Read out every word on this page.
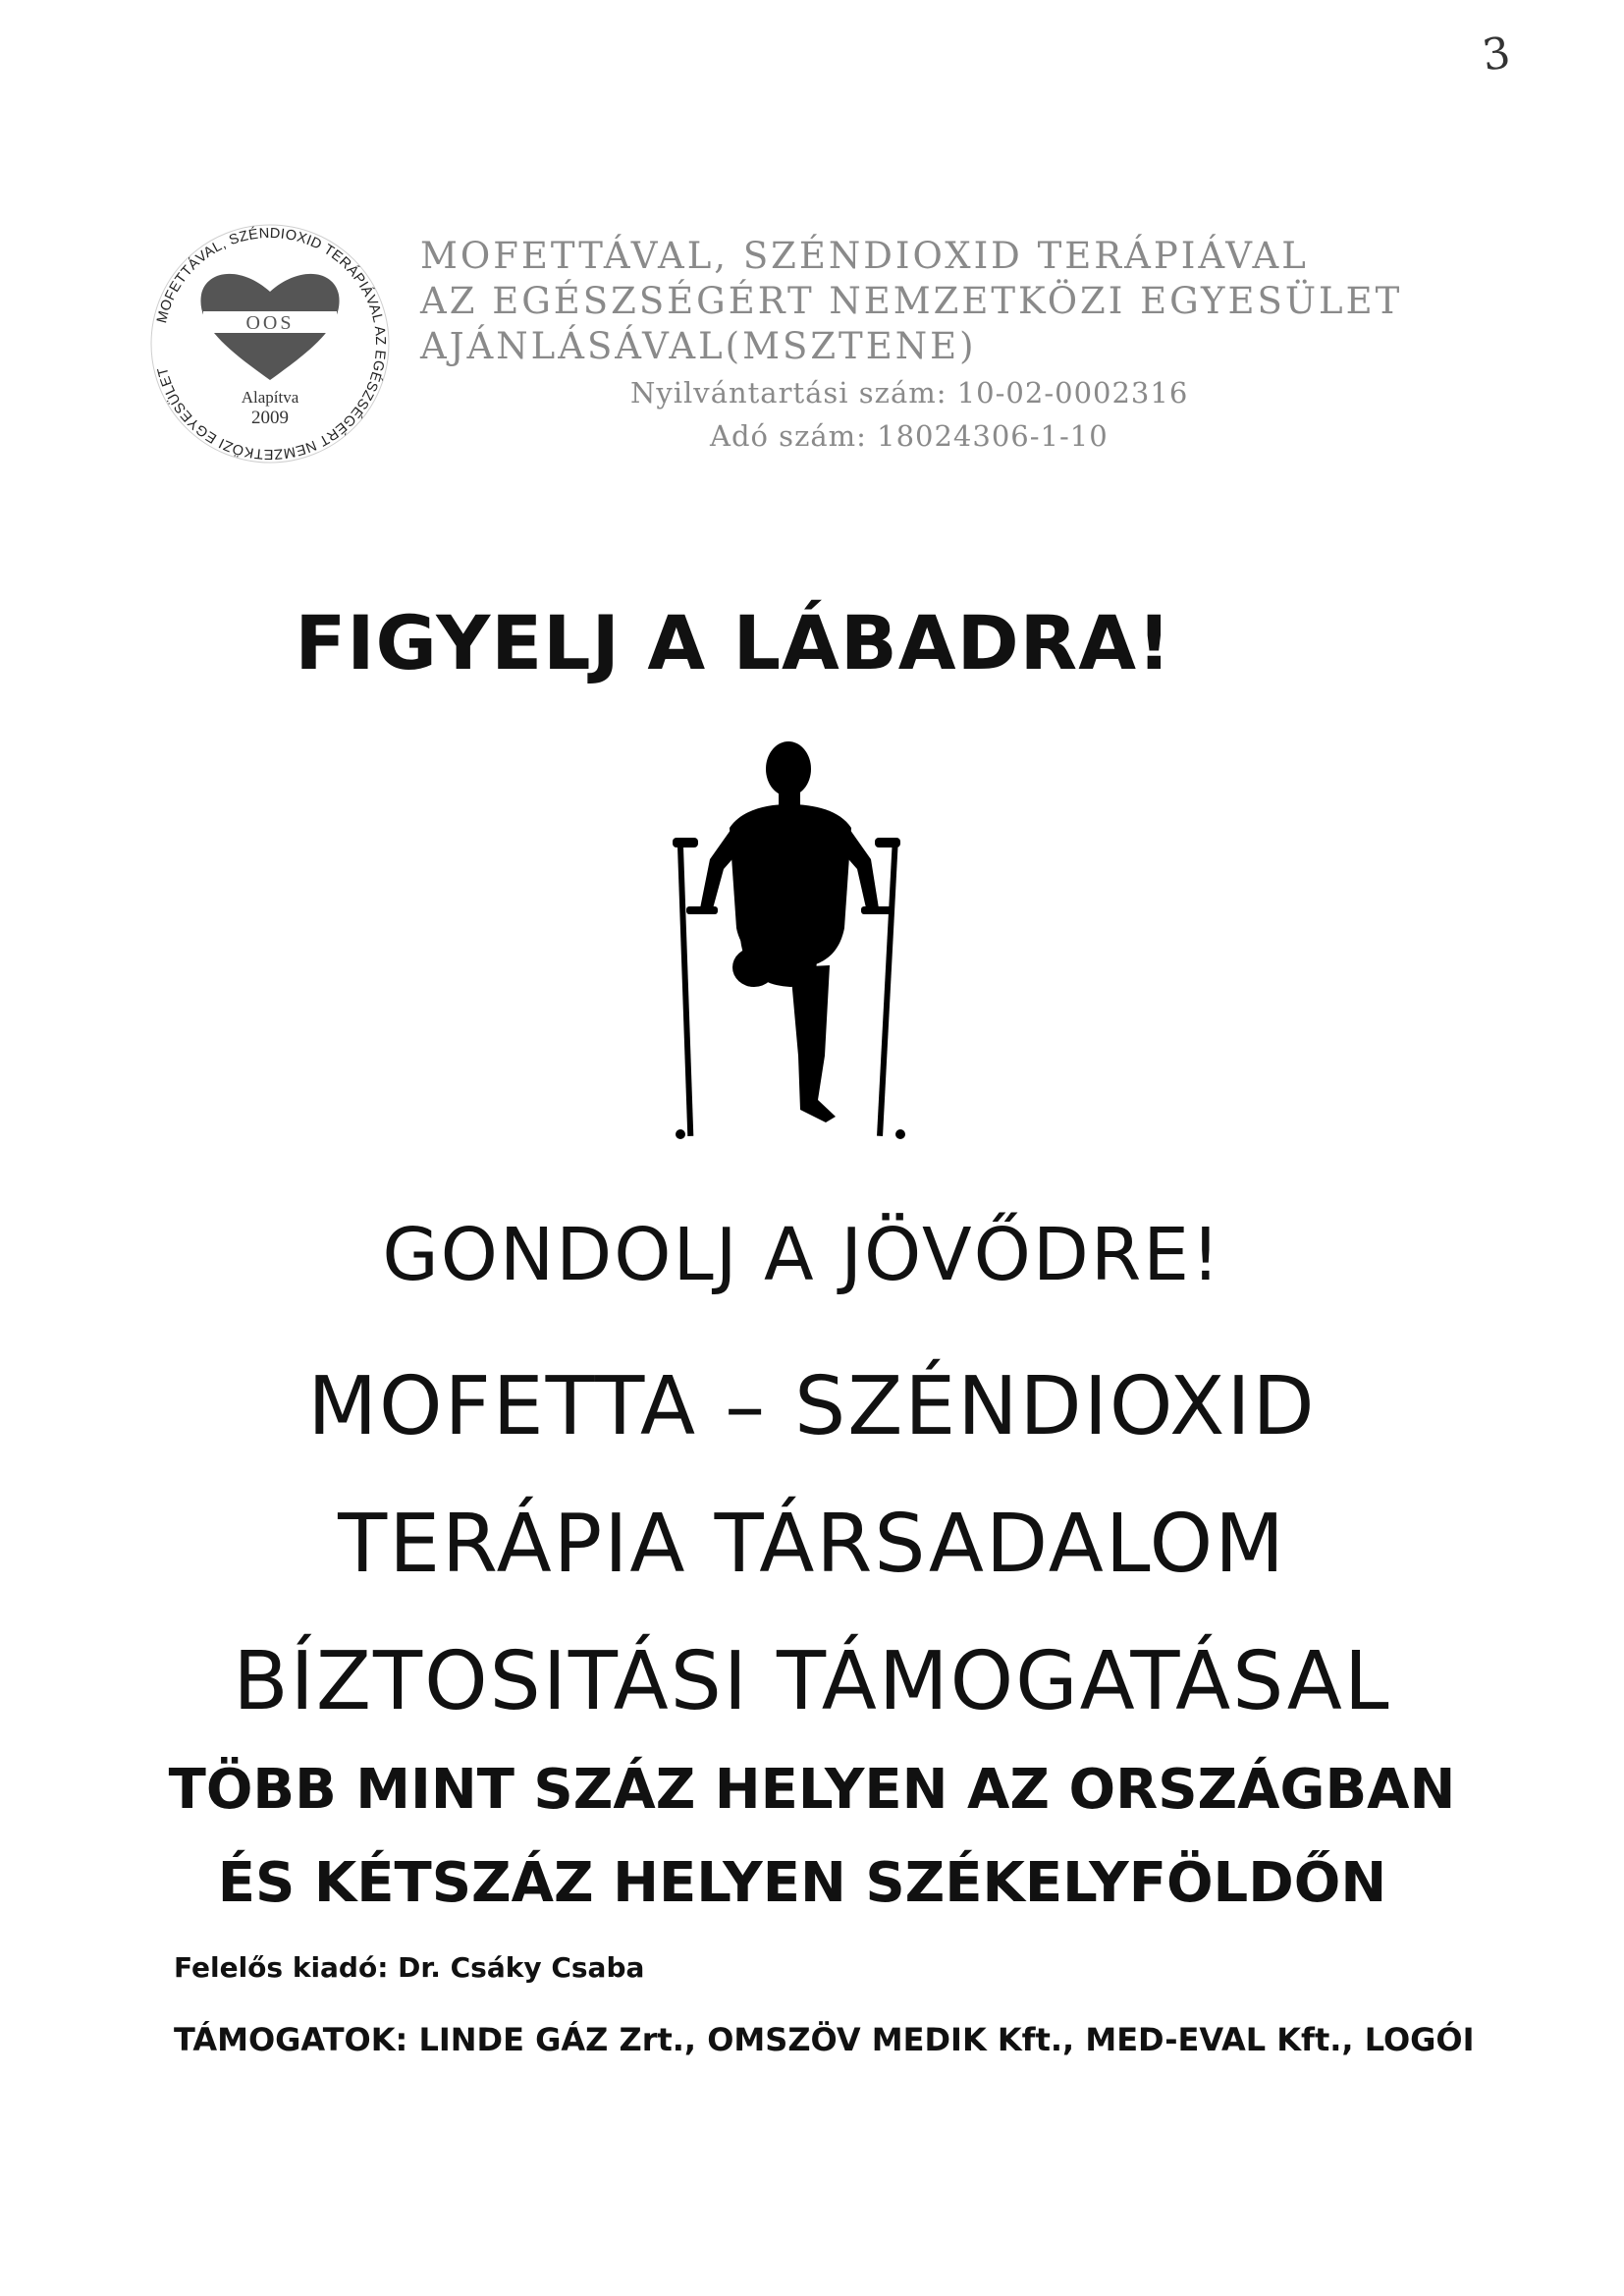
3
MOFETTÁVAL, SZÉNDIOXID TERÁPIÁVAL AZ EGÉSZSÉGÉRT NEMZETKÖZI EGYESÜLET
OOS
Alapítva
2009
MOFETTÁVAL, SZÉNDIOXID TERÁPIÁVAL
AZ EGÉSZSÉGÉRT NEMZETKÖZI EGYESÜLET
AJÁNLÁSÁVAL(MSZTENE)
Nyilvántartási szám: 10-02-0002316
Adó szám: 18024306-1-10
FIGYELJ A LÁBADRA!
GONDOLJ A JÖVŐDRE!
MOFETTA – SZÉNDIOXID
TERÁPIA TÁRSADALOM
BÍZTOSITÁSI TÁMOGATÁSAL
TÖBB MINT SZÁZ HELYEN AZ ORSZÁGBAN
ÉS KÉTSZÁZ HELYEN SZÉKELYFÖLDŐN
Felelős kiadó: Dr. Csáky Csaba
TÁMOGATOK: LINDE GÁZ Zrt., OMSZÖV MEDIK Kft., MED-EVAL Kft., LOGÓI
